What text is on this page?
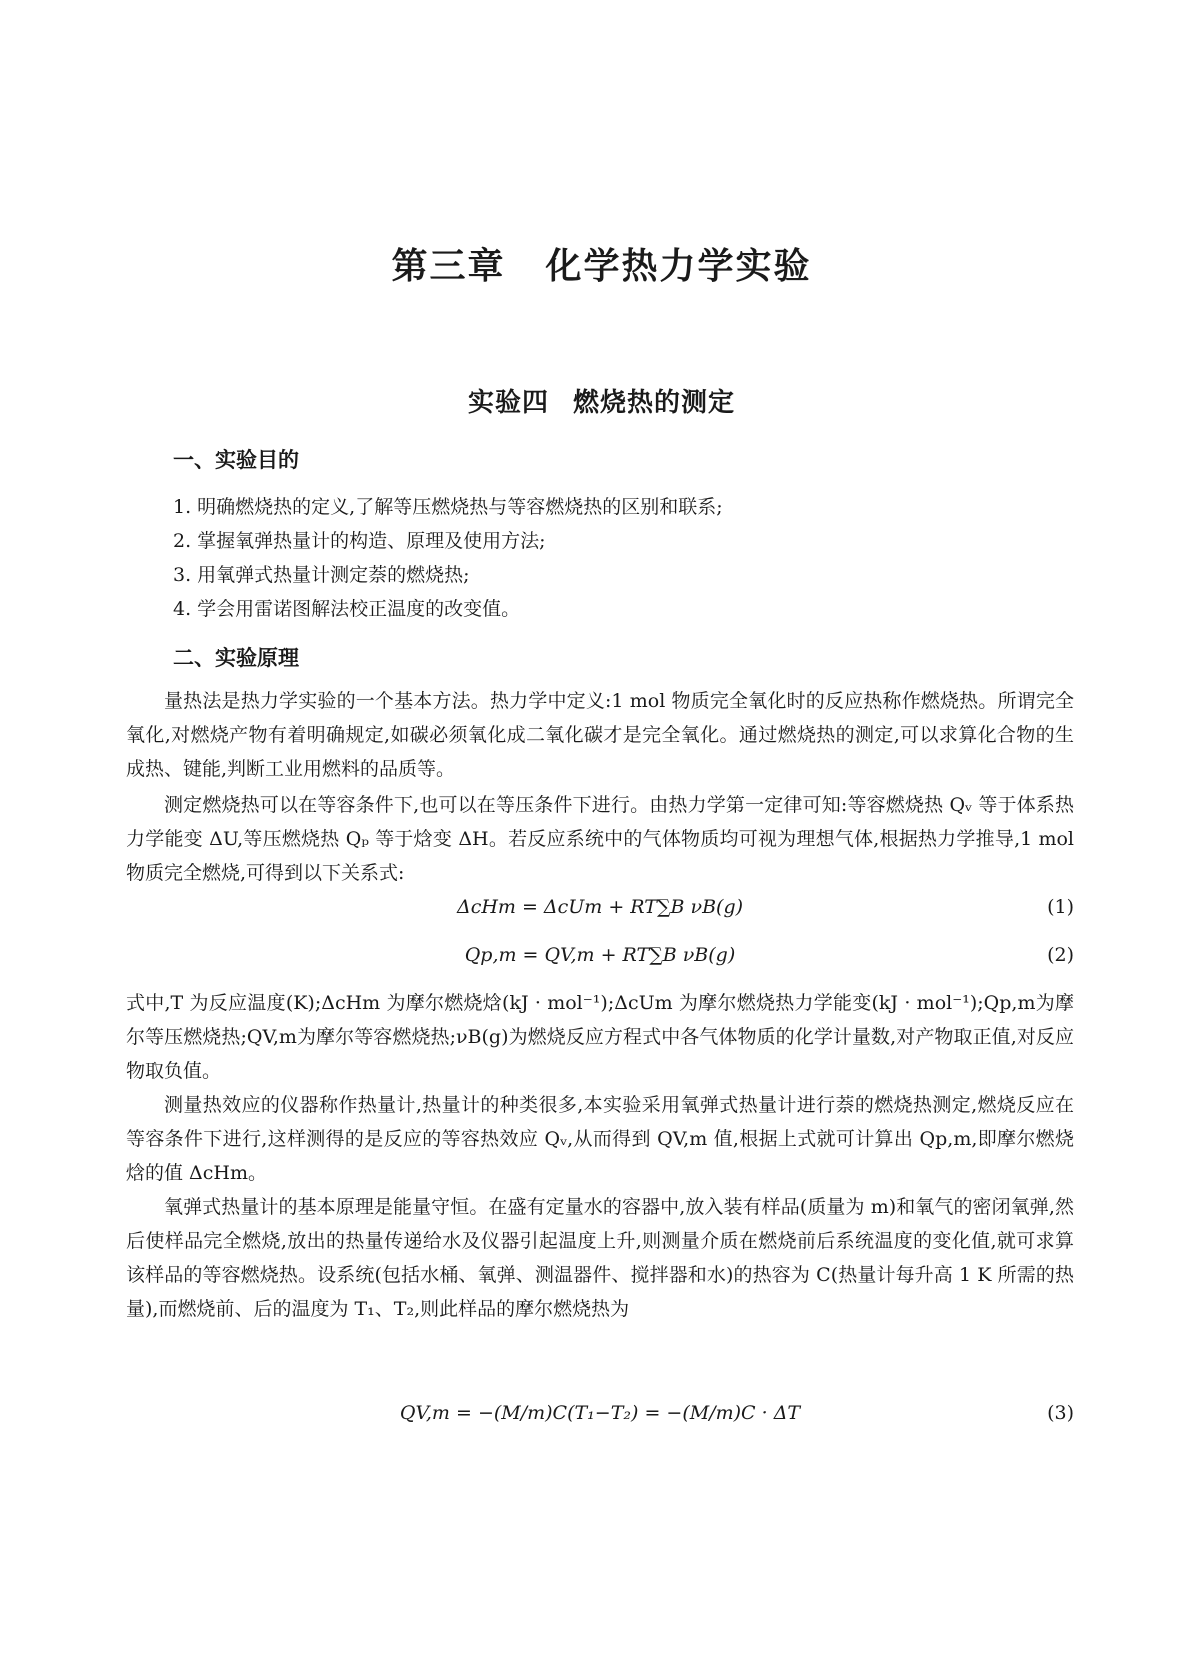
第三章 化学热力学实验
实验四 燃烧热的测定
一、实验目的

1. 明确燃烧热的定义,了解等压燃烧热与等容燃烧热的区别和联系;

2. 掌握氧弹热量计的构造、原理及使用方法;

3. 用氧弹式热量计测定萘的燃烧热;

4. 学会用雷诺图解法校正温度的改变值。

二、实验原理

量热法是热力学实验的一个基本方法。热力学中定义:1 mol 物质完全氧化时的反应热称作燃烧热。所谓完全氧化,对燃烧产物有着明确规定,如碳必须氧化成二氧化碳才是完全氧化。通过燃烧热的测定,可以求算化合物的生成热、键能,判断工业用燃料的品质等。

测定燃烧热可以在等容条件下,也可以在等压条件下进行。由热力学第一定律可知:等容燃烧热 Qᵥ 等于体系热力学能变 ΔU,等压燃烧热 Qₚ 等于焓变 ΔH。若反应系统中的气体物质均可视为理想气体,根据热力学推导,1 mol 物质完全燃烧,可得到以下关系式:

ΔcHm = ΔcUm + RT∑B νB(g)	(1)
Qp,m = QV,m + RT∑B νB(g)	(2)

式中,T 为反应温度(K);ΔcHm 为摩尔燃烧焓(kJ · mol⁻¹);ΔcUm 为摩尔燃烧热力学能变(kJ · mol⁻¹);Qp,m为摩尔等压燃烧热;QV,m为摩尔等容燃烧热;νB(g)为燃烧反应方程式中各气体物质的化学计量数,对产物取正值,对反应物取负值。

测量热效应的仪器称作热量计,热量计的种类很多,本实验采用氧弹式热量计进行萘的燃烧热测定,燃烧反应在等容条件下进行,这样测得的是反应的等容热效应 Qᵥ,从而得到 QV,m 值,根据上式就可计算出 Qp,m,即摩尔燃烧焓的值 ΔcHm。

氧弹式热量计的基本原理是能量守恒。在盛有定量水的容器中,放入装有样品(质量为 m)和氧气的密闭氧弹,然后使样品完全燃烧,放出的热量传递给水及仪器引起温度上升,则测量介质在燃烧前后系统温度的变化值,就可求算该样品的等容燃烧热。设系统(包括水桶、氧弹、测温器件、搅拌器和水)的热容为 C(热量计每升高 1 K 所需的热量),而燃烧前、后的温度为 T₁、T₂,则此样品的摩尔燃烧热为

QV,m = −(M/m)C(T₁−T₂) = −(M/m)C · ΔT	(3)
